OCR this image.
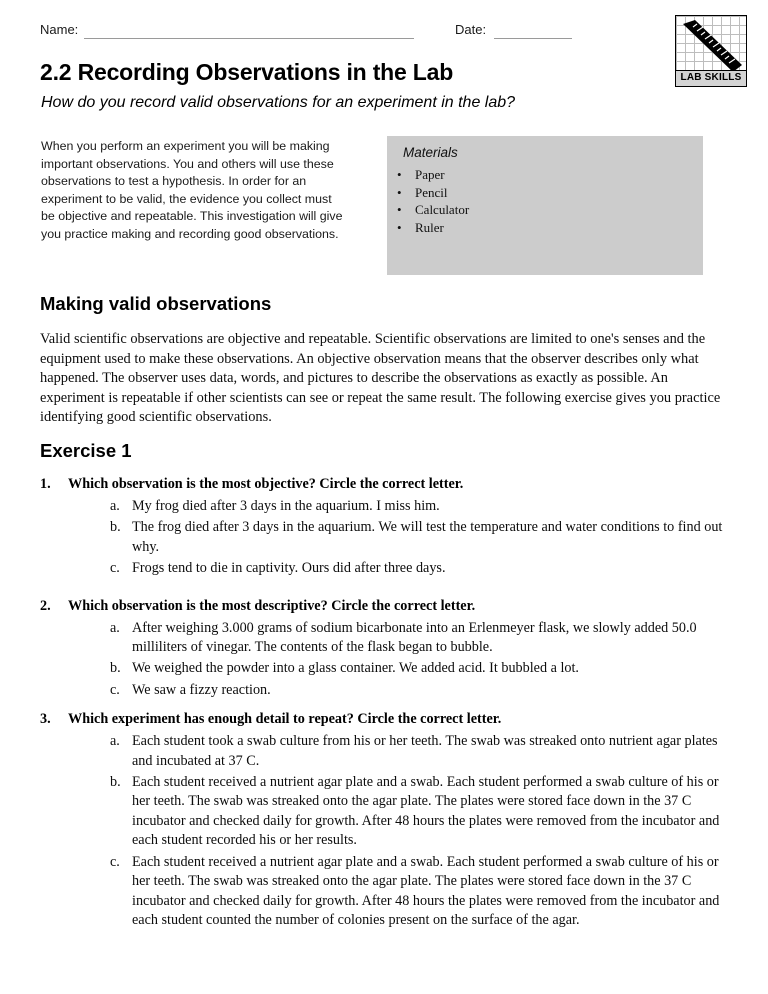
Name:	Date:
LAB SKILLS
2.2 Recording Observations in the Lab
How do you record valid observations for an experiment in the lab?
When you perform an experiment you will be making important observations. You and others will use these observations to test a hypothesis. In order for an experiment to be valid, the evidence you collect must be objective and repeatable. This investigation will give you practice making and recording good observations.
Materials
•	Paper
•	Pencil
•	Calculator
•	Ruler
Making valid observations
Valid scientific observations are objective and repeatable. Scientific observations are limited to one's senses and the equipment used to make these observations. An objective observation means that the observer describes only what happened. The observer uses data, words, and pictures to describe the observations as exactly as possible. An experiment is repeatable if other scientists can see or repeat the same result. The following exercise gives you practice identifying good scientific observations.
Exercise 1
1.	Which observation is the most objective? Circle the correct letter.
a. My frog died after 3 days in the aquarium. I miss him.
b. The frog died after 3 days in the aquarium. We will test the temperature and water conditions to find out why.
c. Frogs tend to die in captivity. Ours did after three days.
2.	Which observation is the most descriptive? Circle the correct letter.
a. After weighing 3.000 grams of sodium bicarbonate into an Erlenmeyer flask, we slowly added 50.0 milliliters of vinegar. The contents of the flask began to bubble.
b. We weighed the powder into a glass container. We added acid. It bubbled a lot.
c. We saw a fizzy reaction.
3.	Which experiment has enough detail to repeat? Circle the correct letter.
a. Each student took a swab culture from his or her teeth. The swab was streaked onto nutrient agar plates and incubated at 37 C.
b. Each student received a nutrient agar plate and a swab. Each student performed a swab culture of his or her teeth. The swab was streaked onto the agar plate. The plates were stored face down in the 37 C incubator and checked daily for growth. After 48 hours the plates were removed from the incubator and each student recorded his or her results.
c. Each student received a nutrient agar plate and a swab. Each student performed a swab culture of his or her teeth. The swab was streaked onto the agar plate. The plates were stored face down in the 37 C incubator and checked daily for growth. After 48 hours the plates were removed from the incubator and each student counted the number of colonies present on the surface of the agar.
